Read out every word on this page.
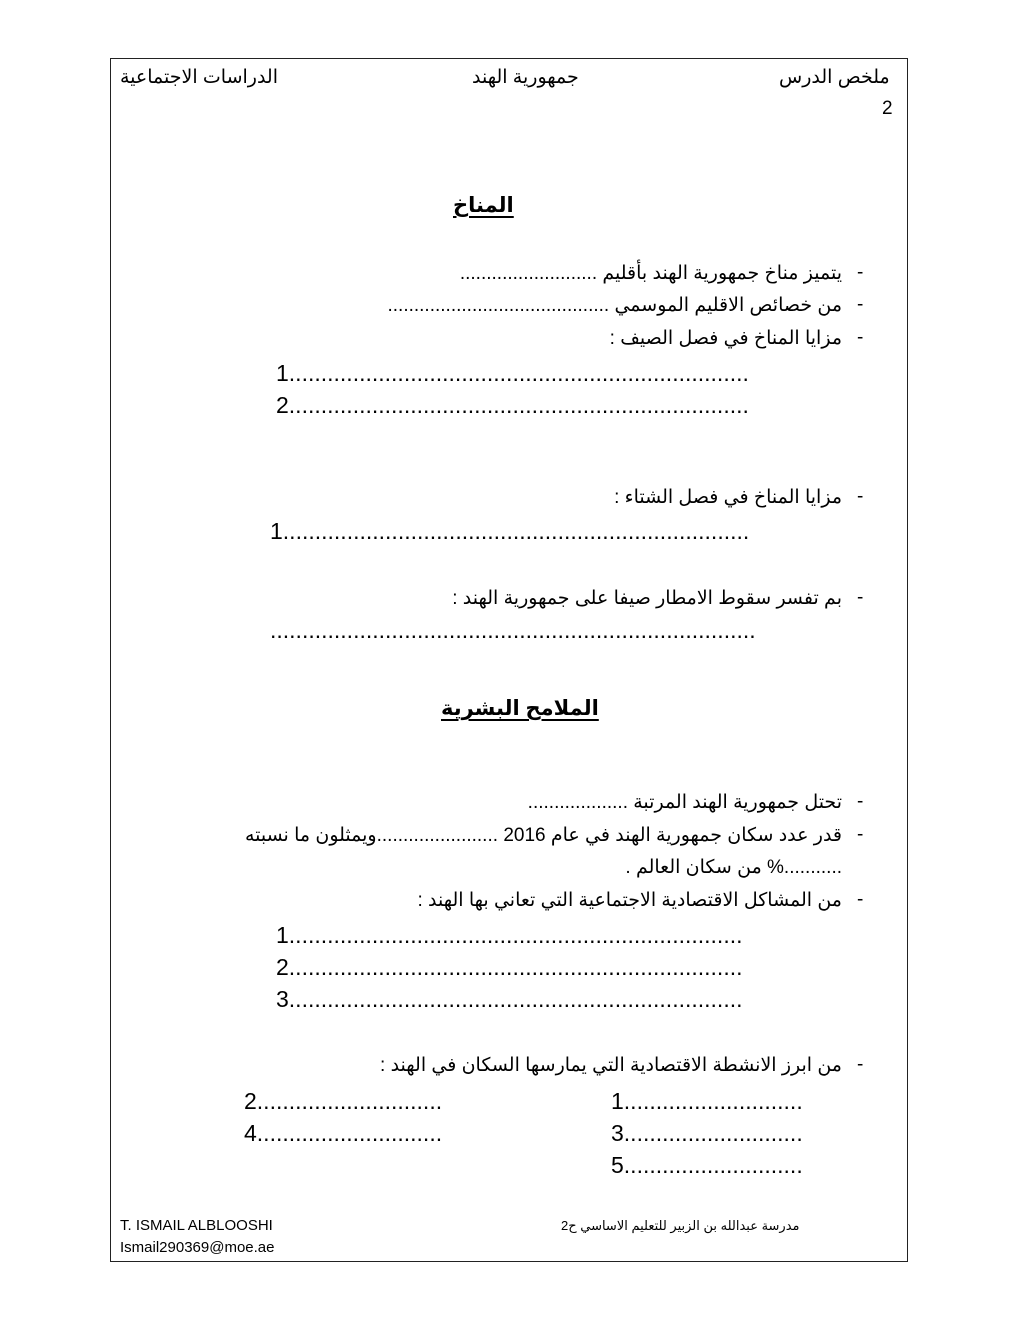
ملخص الدرس
جمهورية الهند
الدراسات الاجتماعية
2
المناخ
-
يتميز مناخ جمهورية الهند بأقليم ..........................
-
من خصائص الاقليم الموسمي ..........................................
-
مزايا المناخ في فصل الصيف :
1........................................................................
2........................................................................
-
مزايا المناخ في فصل الشتاء :
1.........................................................................
-
بم تفسر سقوط الامطار صيفا على جمهورية الهند :
............................................................................
الملامح البشرية
-
تحتل جمهورية الهند المرتبة ...................
-
قدر عدد سكان جمهورية الهند في عام 2016 .......................ويمثلون ما نسبته
...........% من سكان العالم .
-
من المشاكل الاقتصادية الاجتماعية التي تعاني بها الهند :
1.......................................................................
2.......................................................................
3.......................................................................
-
من ابرز الانشطة الاقتصادية التي يمارسها السكان في الهند :
1............................
2.............................
3............................
4.............................
5............................
T. ISMAIL ALBLOOSHI
Ismail290369@moe.ae
مدرسة عبدالله بن الزبير للتعليم الاساسي ح2
